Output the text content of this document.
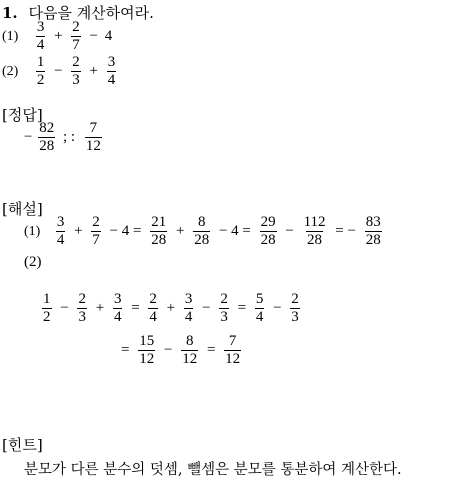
1. 다음을 계산하여라.
$(1) \frac{3}{4} + \frac{2}{7} - 4$
$(2) \frac{1}{2} - \frac{2}{3} + \frac{3}{4}$
[정답]
− $\frac{82}{28}$ ; : $\frac{7}{12}$
[해설]
$(1) \frac{3}{4} + \frac{2}{7} - 4 = \frac{21}{28} + \frac{8}{28} - 4 = \frac{29}{28} - \frac{112}{28}$ = − $\frac{83}{28}$
(2)
$\frac{1}{2} - \frac{2}{3} + \frac{3}{4} = \frac{2}{4} + \frac{3}{4} - \frac{2}{3} = \frac{5}{4} - \frac{2}{3}$
= $\frac{15}{12} - \frac{8}{12} = \frac{7}{12}$
[힌트]
분모가 다른 분수의 덧셈, 뺄셈은 분모를 통분하여 계산한다.
